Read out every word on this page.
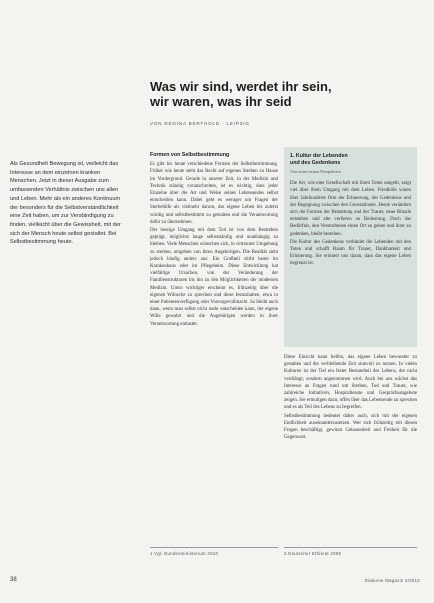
Was wir sind, werdet ihr sein,
wir waren, was ihr seid
VON REGINA BERTHOLD · LEIPZIG
Als Gesundheit Bewegung ist, vielleicht das Interesse an dem einzelnen kranken Menschen. Jetzt in dieser Ausgabe zum umfassenden Verhältnis zwischen uns allen und Leben. Mehr als ein anderes Kontinuum der besonders für die Selbstverständlichkeit eine Zeit haben, um zur Verständigung zu finden, vielleicht über die Gewissheit, mit der sich der Mensch heute selbst gestaltet. Bei Selbstbestimmung heute.
Formen von Selbstbestimmung

Es gibt bis heute verschiedene Formen der Selbstbestimmung. Früher wie heute steht das Recht auf eigenes Sterben zu Hause im Vordergrund. Gerade in unserer Zeit, in der Medizin und Technik ständig voranschreiten, ist es wichtig, dass jeder Einzelne über die Art und Weise seines Lebensendes selbst entscheiden kann. Dabei geht es weniger um Fragen der Sterbehilfe als vielmehr darum, das eigene Leben bis zuletzt würdig und selbstbestimmt zu gestalten und die Verantwortung dafür zu übernehmen.

Der heutige Umgang mit dem Tod ist von dem Bestreben geprägt, möglichst lange selbstständig und unabhängig zu bleiben. Viele Menschen wünschen sich, in vertrauter Umgebung zu sterben, umgeben von ihren Angehörigen. Die Realität sieht jedoch häufig anders aus: Ein Großteil stirbt heute im Krankenhaus oder im Pflegeheim. Diese Entwicklung hat vielfältige Ursachen, von der Veränderung der Familienstrukturen bis hin zu den Möglichkeiten der modernen Medizin. Umso wichtiger erscheint es, frühzeitig über die eigenen Wünsche zu sprechen und diese festzuhalten, etwa in einer Patientenverfügung oder Vorsorgevollmacht. So bleibt auch dann, wenn man selbst nicht mehr entscheiden kann, der eigene Wille gewahrt und die Angehörigen werden in ihrer Verantwortung entlastet.

1. Kultur der Lebenden
und des Gedenkens
Von einer neuen Perspektive

Die Art, wie eine Gesellschaft mit ihren Toten umgeht, zeigt viel über ihren Umgang mit dem Leben. Friedhöfe waren über Jahrhunderte Orte der Erinnerung, des Gedenkens und der Begegnung zwischen den Generationen. Heute verändern sich die Formen der Bestattung und der Trauer, neue Rituale entstehen und alte verlieren an Bedeutung. Doch das Bedürfnis, den Verstorbenen einen Ort zu geben und ihrer zu gedenken, bleibt bestehen.

Die Kultur des Gedenkens verbindet die Lebenden mit den Toten und schafft Raum für Trauer, Dankbarkeit und Erinnerung. Sie erinnert uns daran, dass das eigene Leben begrenzt ist.

Diese Einsicht kann helfen, das eigene Leben bewusster zu gestalten und die verbleibende Zeit sinnvoll zu nutzen. In vielen Kulturen ist der Tod ein fester Bestandteil des Lebens, der nicht verdrängt, sondern angenommen wird. Auch bei uns wächst das Interesse an Fragen rund um Sterben, Tod und Trauer, wie zahlreiche Initiativen, Hospizdienste und Gesprächsangebote zeigen. Sie ermutigen dazu, offen über das Lebensende zu sprechen und es als Teil des Lebens zu begreifen.

Selbstbestimmung bedeutet daher auch, sich mit der eigenen Endlichkeit auseinanderzusetzen. Wer sich frühzeitig mit diesen Fragen beschäftigt, gewinnt Gelassenheit und Freiheit für die Gegenwart.

1 Vgl. Bundesministerium 2010	2 Deutscher Ethikrat 2006
38	Diakonie Magazin 2/2012
